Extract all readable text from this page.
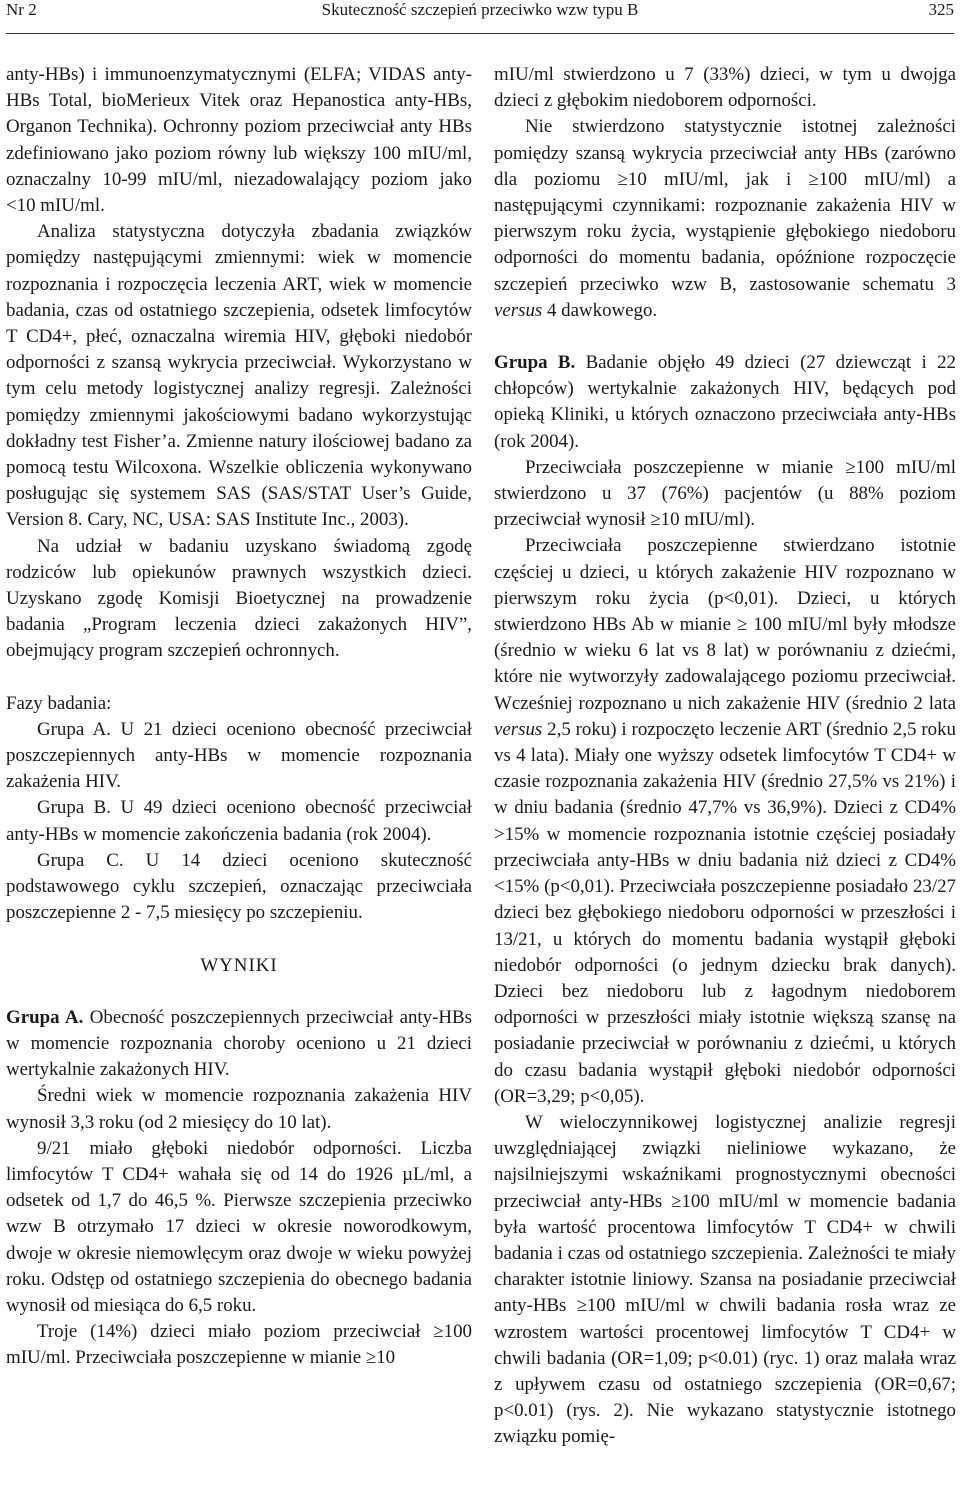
Nr 2	Skuteczność szczepień przeciwko wzw typu B	325

anty-HBs) i immunoenzymatycznymi (ELFA; VIDAS anty-HBs Total, bioMerieux Vitek oraz Hepanostica anty-HBs, Organon Technika). Ochronny poziom przeciwciał anty HBs zdefiniowano jako poziom równy lub większy 100 mIU/ml, oznaczalny 10-99 mIU/ml, niezadowalający poziom jako <10 mIU/ml.

Analiza statystyczna dotyczyła zbadania związków pomiędzy następującymi zmiennymi: wiek w momencie rozpoznania i rozpoczęcia leczenia ART, wiek w momencie badania, czas od ostatniego szczepienia, odsetek limfocytów T CD4+, płeć, oznaczalna wiremia HIV, głęboki niedobór odporności z szansą wykrycia przeciwciał. Wykorzystano w tym celu metody logistycznej analizy regresji. Zależności pomiędzy zmiennymi jakościowymi badano wykorzystując dokładny test Fisher’a. Zmienne natury ilościowej badano za pomocą testu Wilcoxona. Wszelkie obliczenia wykonywano posługując się systemem SAS (SAS/STAT User’s Guide, Version 8. Cary, NC, USA: SAS Institute Inc., 2003).

Na udział w badaniu uzyskano świadomą zgodę rodziców lub opiekunów prawnych wszystkich dzieci. Uzyskano zgodę Komisji Bioetycznej na prowadzenie badania „Program leczenia dzieci zakażonych HIV”, obejmujący program szczepień ochronnych.

Fazy badania:

Grupa A. U 21 dzieci oceniono obecność przeciwciał poszczepiennych anty-HBs w momencie rozpoznania zakażenia HIV.

Grupa B. U 49 dzieci oceniono obecność przeciwciał anty-HBs w momencie zakończenia badania (rok 2004).

Grupa C. U 14 dzieci oceniono skuteczność podstawowego cyklu szczepień, oznaczając przeciwciała poszczepienne 2 - 7,5 miesięcy po szczepieniu.

WYNIKI

Grupa A. Obecność poszczepiennych przeciwciał anty-HBs w momencie rozpoznania choroby oceniono u 21 dzieci wertykalnie zakażonych HIV.

Średni wiek w momencie rozpoznania zakażenia HIV wynosił 3,3 roku (od 2 miesięcy do 10 lat).

9/21 miało głęboki niedobór odporności. Liczba limfocytów T CD4+ wahała się od 14 do 1926 µL/ml, a odsetek od 1,7 do 46,5 %. Pierwsze szczepienia przeciwko wzw B otrzymało 17 dzieci w okresie noworodkowym, dwoje w okresie niemowlęcym oraz dwoje w wieku powyżej roku. Odstęp od ostatniego szczepienia do obecnego badania wynosił od miesiąca do 6,5 roku.

Troje (14%) dzieci miało poziom przeciwciał ≥100 mIU/ml. Przeciwciała poszczepienne w mianie ≥10

mIU/ml stwierdzono u 7 (33%) dzieci, w tym u dwojga dzieci z głębokim niedoborem odporności.

Nie stwierdzono statystycznie istotnej zależności pomiędzy szansą wykrycia przeciwciał anty HBs (zarówno dla poziomu ≥10 mIU/ml, jak i ≥100 mIU/ml) a następującymi czynnikami: rozpoznanie zakażenia HIV w pierwszym roku życia, wystąpienie głębokiego niedoboru odporności do momentu badania, opóźnione rozpoczęcie szczepień przeciwko wzw B, zastosowanie schematu 3 versus 4 dawkowego.

Grupa B. Badanie objęło 49 dzieci (27 dziewcząt i 22 chłopców) wertykalnie zakażonych HIV, będących pod opieką Kliniki, u których oznaczono przeciwciała anty-HBs (rok 2004).

Przeciwciała poszczepienne w mianie ≥100 mIU/ml stwierdzono u 37 (76%) pacjentów (u 88% poziom przeciwciał wynosił ≥10 mIU/ml).

Przeciwciała poszczepienne stwierdzano istotnie częściej u dzieci, u których zakażenie HIV rozpoznano w pierwszym roku życia (p<0,01). Dzieci, u których stwierdzono HBs Ab w mianie ≥ 100 mIU/ml były młodsze (średnio w wieku 6 lat vs 8 lat) w porównaniu z dziećmi, które nie wytworzyły zadowalającego poziomu przeciwciał. Wcześniej rozpoznano u nich zakażenie HIV (średnio 2 lata versus 2,5 roku) i rozpoczęto leczenie ART (średnio 2,5 roku vs 4 lata). Miały one wyższy odsetek limfocytów T CD4+ w czasie rozpoznania zakażenia HIV (średnio 27,5% vs 21%) i w dniu badania (średnio 47,7% vs 36,9%). Dzieci z CD4% >15% w momencie rozpoznania istotnie częściej posiadały przeciwciała anty-HBs w dniu badania niż dzieci z CD4% <15% (p<0,01). Przeciwciała poszczepienne posiadało 23/27 dzieci bez głębokiego niedoboru odporności w przeszłości i 13/21, u których do momentu badania wystąpił głęboki niedobór odporności (o jednym dziecku brak danych). Dzieci bez niedoboru lub z łagodnym niedoborem odporności w przeszłości miały istotnie większą szansę na posiadanie przeciwciał w porównaniu z dziećmi, u których do czasu badania wystąpił głęboki niedobór odporności (OR=3,29; p<0,05).

W wieloczynnikowej logistycznej analizie regresji uwzględniającej związki nieliniowe wykazano, że najsilniejszymi wskaźnikami prognostycznymi obecności przeciwciał anty-HBs ≥100 mIU/ml w momencie badania była wartość procentowa limfocytów T CD4+ w chwili badania i czas od ostatniego szczepienia. Zależności te miały charakter istotnie liniowy. Szansa na posiadanie przeciwciał anty-HBs ≥100 mIU/ml w chwili badania rosła wraz ze wzrostem wartości procentowej limfocytów T CD4+ w chwili badania (OR=1,09; p<0.01) (ryc. 1) oraz malała wraz z upływem czasu od ostatniego szczepienia (OR=0,67; p<0.01) (rys. 2). Nie wykazano statystycznie istotnego związku pomię-
